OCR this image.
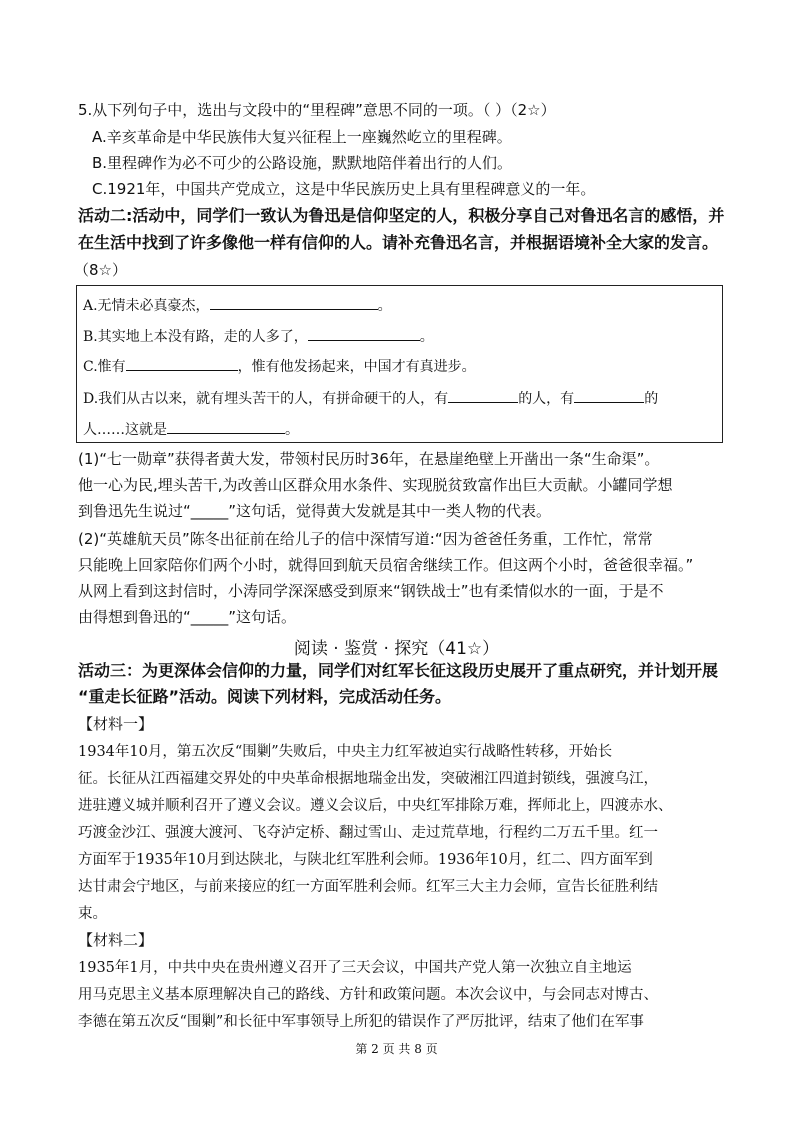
5.从下列句子中，选出与文段中的“里程碑”意思不同的一项。（ ）（2☆）
A.辛亥革命是中华民族伟大复兴征程上一座巍然屹立的里程碑。
B.里程碑作为必不可少的公路设施，默默地陪伴着出行的人们。
C.1921年，中国共产党成立，这是中华民族历史上具有里程碑意义的一年。
活动二:活动中，同学们一致认为鲁迅是信仰坚定的人，积极分享自己对鲁迅名言的感悟，并
在生活中找到了许多像他一样有信仰的人。请补充鲁迅名言，并根据语境补全大家的发言。
（8☆）
A.无情未必真豪杰，	。
B.其实地上本没有路，走的人多了，	。
C.惟有	，惟有他发扬起来，中国才有真进步。
D.我们从古以来，就有埋头苦干的人，有拼命硬干的人，有	的人，有	的
人……这就是	。
(1)“七一勋章”获得者黄大发，带领村民历时36年，在悬崖绝壁上开凿出一条“生命渠”。
他一心为民,埋头苦干,为改善山区群众用水条件、实现脱贫致富作出巨大贡献。小罐同学想
到鲁迅先生说过“_____”这句话，觉得黄大发就是其中一类人物的代表。
(2)“英雄航天员”陈冬出征前在给儿子的信中深情写道:“因为爸爸任务重，工作忙，常常
只能晚上回家陪你们两个小时，就得回到航天员宿舍继续工作。但这两个小时，爸爸很幸福。”
从网上看到这封信时，小涛同学深深感受到原来“钢铁战士”也有柔情似水的一面，于是不
由得想到鲁迅的“_____”这句话。
阅读 · 鉴赏 · 探究（41☆）
活动三：为更深体会信仰的力量，同学们对红军长征这段历史展开了重点研究，并计划开展
“重走长征路”活动。阅读下列材料，完成活动任务。
【材料一】
1934年10月，第五次反“围剿”失败后，中央主力红军被迫实行战略性转移，开始长
征。长征从江西福建交界处的中央革命根据地瑞金出发，突破湘江四道封锁线，强渡乌江，
进驻遵义城并顺利召开了遵义会议。遵义会议后，中央红军排除万难，挥师北上，四渡赤水、
巧渡金沙江、强渡大渡河、飞夺泸定桥、翻过雪山、走过荒草地，行程约二万五千里。红一
方面军于1935年10月到达陕北，与陕北红军胜利会师。1936年10月，红二、四方面军到
达甘肃会宁地区，与前来接应的红一方面军胜利会师。红军三大主力会师，宣告长征胜利结
束。
【材料二】
1935年1月，中共中央在贵州遵义召开了三天会议，中国共产党人第一次独立自主地运
用马克思主义基本原理解决自己的路线、方针和政策问题。本次会议中，与会同志对博古、
李德在第五次反“围剿”和长征中军事领导上所犯的错误作了严厉批评，结束了他们在军事
第 2 页 共 8 页
